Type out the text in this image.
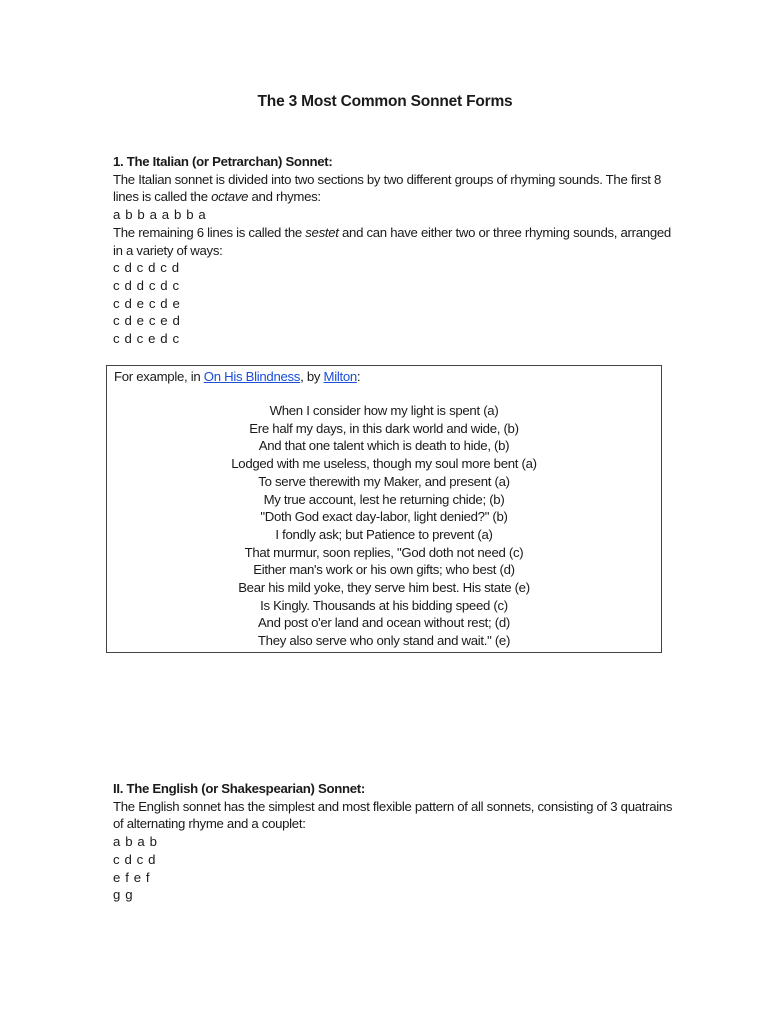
The 3 Most Common Sonnet Forms

1. The Italian (or Petrarchan) Sonnet:

The Italian sonnet is divided into two sections by two different groups of rhyming sounds. The first 8 lines is called the octave and rhymes:

a b b a a b b a

The remaining 6 lines is called the sestet and can have either two or three rhyming sounds, arranged in a variety of ways:

c d c d c d

c d d c d c

c d e c d e

c d e c e d

c d c e d c

For example, in On His Blindness, by Milton:
When I consider how my light is spent (a)
Ere half my days, in this dark world and wide, (b)
And that one talent which is death to hide, (b)
Lodged with me useless, though my soul more bent (a)
To serve therewith my Maker, and present (a)
My true account, lest he returning chide; (b)
"Doth God exact day-labor, light denied?" (b)
I fondly ask; but Patience to prevent (a)
That murmur, soon replies, "God doth not need (c)
Either man's work or his own gifts; who best (d)
Bear his mild yoke, they serve him best. His state (e)
Is Kingly. Thousands at his bidding speed (c)
And post o'er land and ocean without rest; (d)
They also serve who only stand and wait." (e)

II. The English (or Shakespearian) Sonnet:

The English sonnet has the simplest and most flexible pattern of all sonnets, consisting of 3 quatrains of alternating rhyme and a couplet:

a b a b

c d c d

e f e f

g g
